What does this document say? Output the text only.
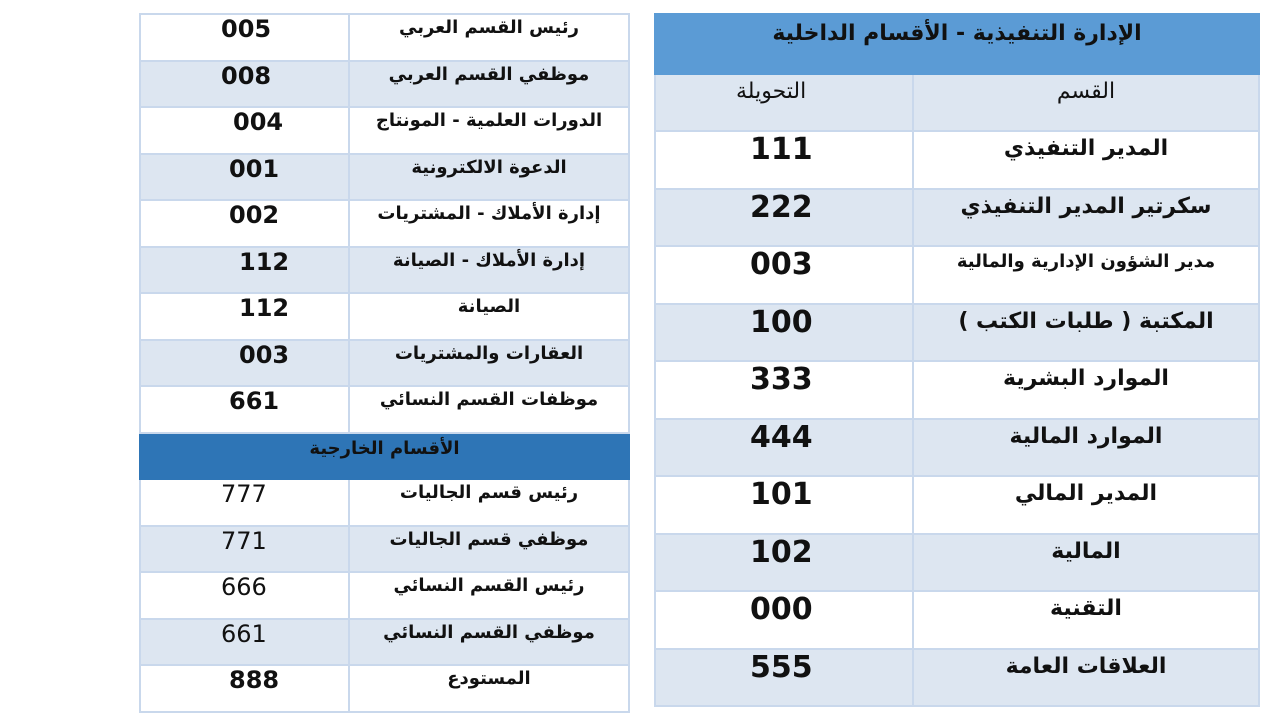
الإدارة التنفيذية - الأقسام الداخلية	
التحويلة	القسم
111	المدير التنفيذي
222	سكرتير المدير التنفيذي
003	مدير الشؤون الإدارية والمالية
100	المكتبة ( طلبات الكتب )
333	الموارد البشرية
444	الموارد المالية
101	المدير المالي
102	المالية
000	التقنية
555	العلاقات العامة
005	رئيس القسم العربي
008	موظفي القسم العربي
004	الدورات العلمية - المونتاج
001	الدعوة الالكترونية
002	إدارة الأملاك - المشتريات
112	إدارة الأملاك - الصيانة
112	الصيانة
003	العقارات والمشتريات
661	موظفات القسم النسائي
الأقسام الخارجية	
777	رئيس قسم الجاليات
771	موظفي قسم الجاليات
666	رئيس القسم النسائي
661	موظفي القسم النسائي
888	المستودع
